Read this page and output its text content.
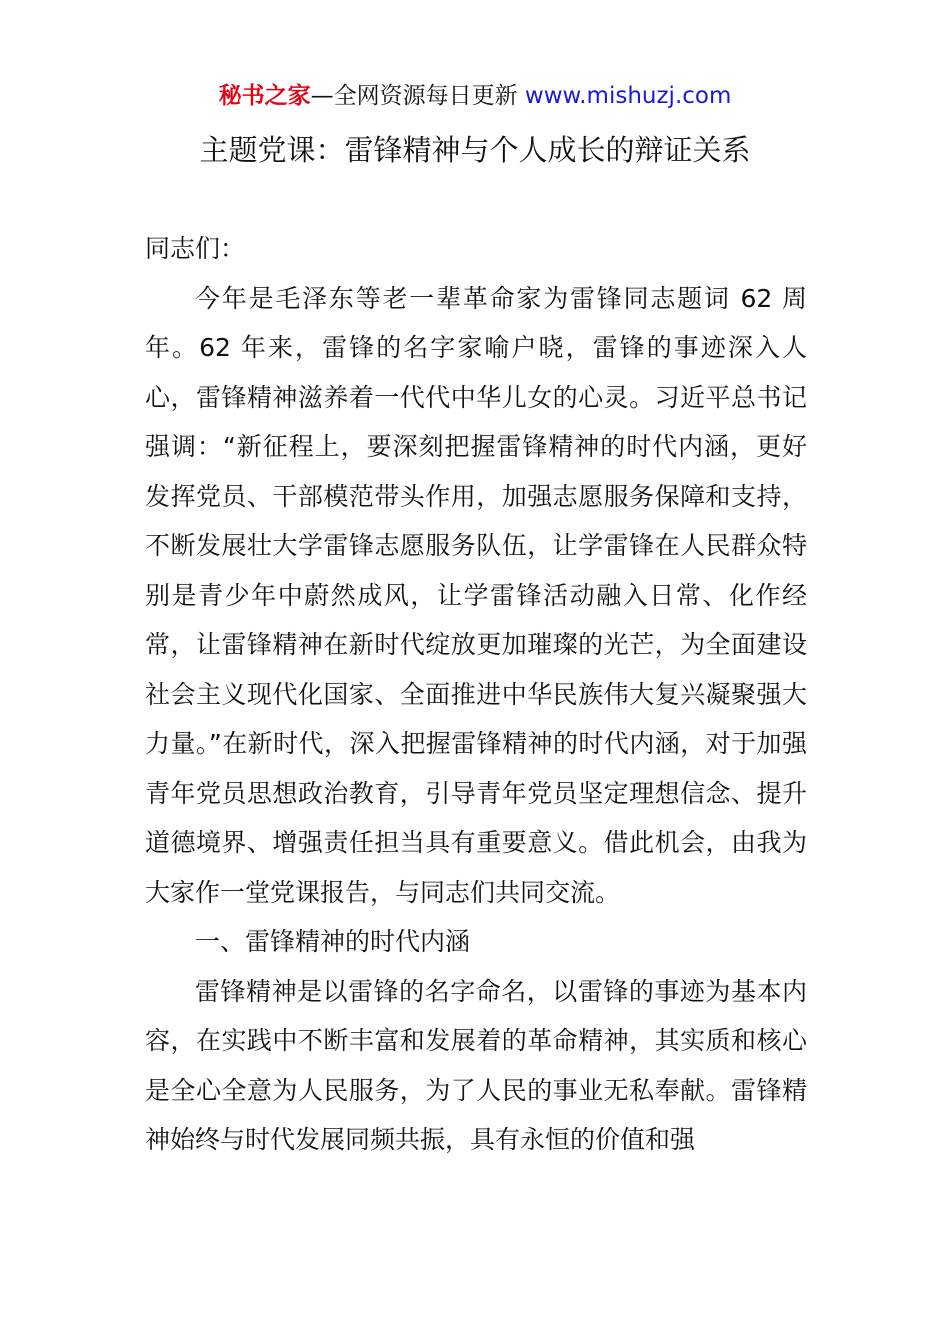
秘书之家—全网资源每日更新 www.mishuzj.com
主题党课：雷锋精神与个人成长的辩证关系

同志们：

今年是毛泽东等老一辈革命家为雷锋同志题词 62 周年。62 年来，雷锋的名字家喻户晓，雷锋的事迹深入人心，雷锋精神滋养着一代代中华儿女的心灵。习近平总书记强调：“新征程上，要深刻把握雷锋精神的时代内涵，更好发挥党员、干部模范带头作用，加强志愿服务保障和支持，不断发展壮大学雷锋志愿服务队伍，让学雷锋在人民群众特别是青少年中蔚然成风，让学雷锋活动融入日常、化作经常，让雷锋精神在新时代绽放更加璀璨的光芒，为全面建设社会主义现代化国家、全面推进中华民族伟大复兴凝聚强大力量。”在新时代，深入把握雷锋精神的时代内涵，对于加强青年党员思想政治教育，引导青年党员坚定理想信念、提升道德境界、增强责任担当具有重要意义。借此机会，由我为大家作一堂党课报告，与同志们共同交流。

一、雷锋精神的时代内涵

雷锋精神是以雷锋的名字命名，以雷锋的事迹为基本内容，在实践中不断丰富和发展着的革命精神，其实质和核心是全心全意为人民服务，为了人民的事业无私奉献。雷锋精神始终与时代发展同频共振，具有永恒的价值和强
